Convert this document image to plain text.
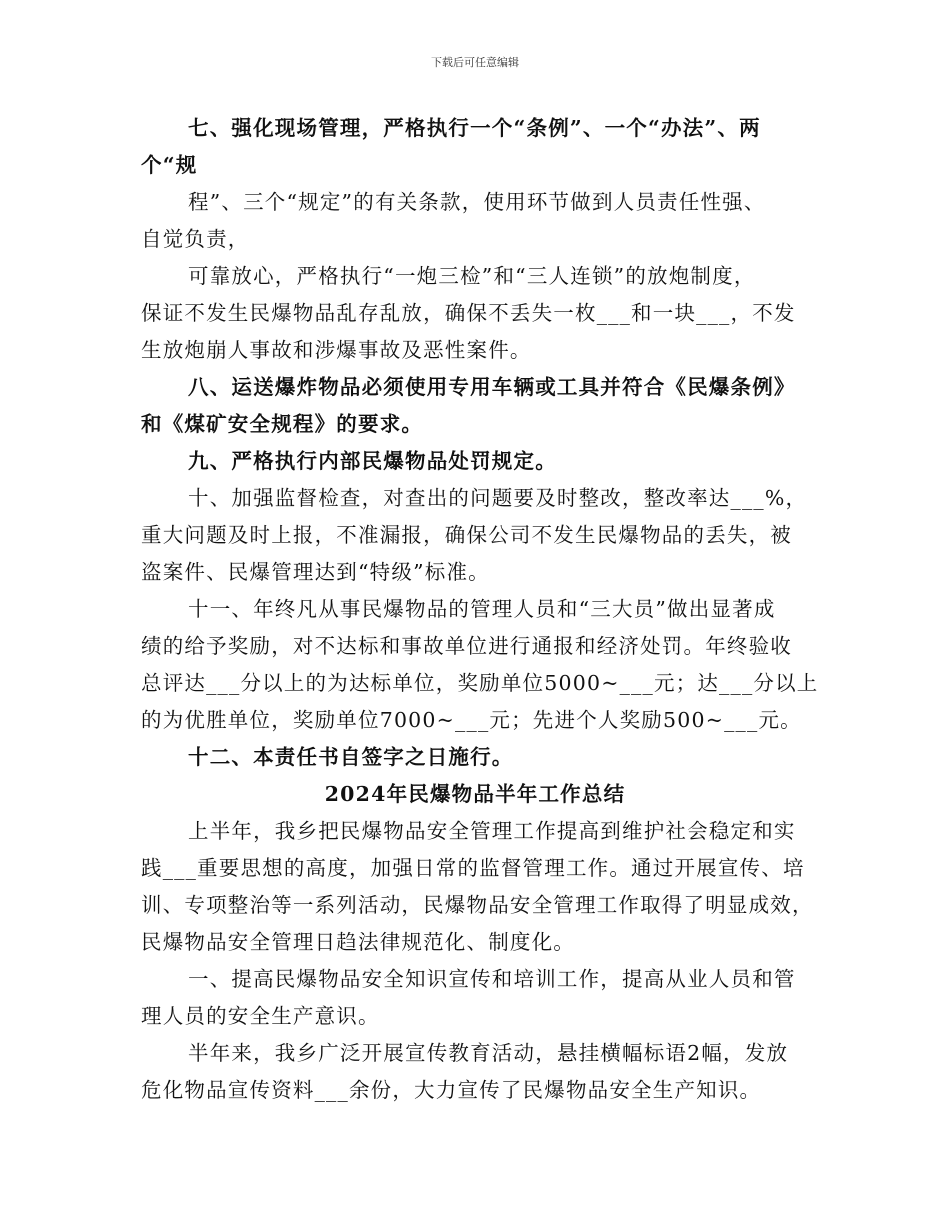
下载后可任意编辑
七、强化现场管理，严格执行一个“条例”、一个“办法”、两
个“规
程”、三个“规定”的有关条款，使用环节做到人员责任性强、
自觉负责，
可靠放心，严格执行“一炮三检”和“三人连锁”的放炮制度，
保证不发生民爆物品乱存乱放，确保不丢失一枚___和一块___，不发
生放炮崩人事故和涉爆事故及恶性案件。
八、运送爆炸物品必须使用专用车辆或工具并符合《民爆条例》
和《煤矿安全规程》的要求。
九、严格执行内部民爆物品处罚规定。
十、加强监督检查，对查出的问题要及时整改，整改率达___%，
重大问题及时上报，不准漏报，确保公司不发生民爆物品的丢失，被
盗案件、民爆管理达到“特级”标准。
十一、年终凡从事民爆物品的管理人员和“三大员”做出显著成
绩的给予奖励，对不达标和事故单位进行通报和经济处罚。年终验收
总评达___分以上的为达标单位，奖励单位5000~___元；达___分以上
的为优胜单位，奖励单位7000~___元；先进个人奖励500~___元。
十二、本责任书自签字之日施行。
2024年民爆物品半年工作总结
上半年，我乡把民爆物品安全管理工作提高到维护社会稳定和实
践___重要思想的高度，加强日常的监督管理工作。通过开展宣传、培
训、专项整治等一系列活动，民爆物品安全管理工作取得了明显成效，
民爆物品安全管理日趋法律规范化、制度化。
一、提高民爆物品安全知识宣传和培训工作，提高从业人员和管
理人员的安全生产意识。
半年来，我乡广泛开展宣传教育活动，悬挂横幅标语2幅，发放
危化物品宣传资料___余份，大力宣传了民爆物品安全生产知识。
